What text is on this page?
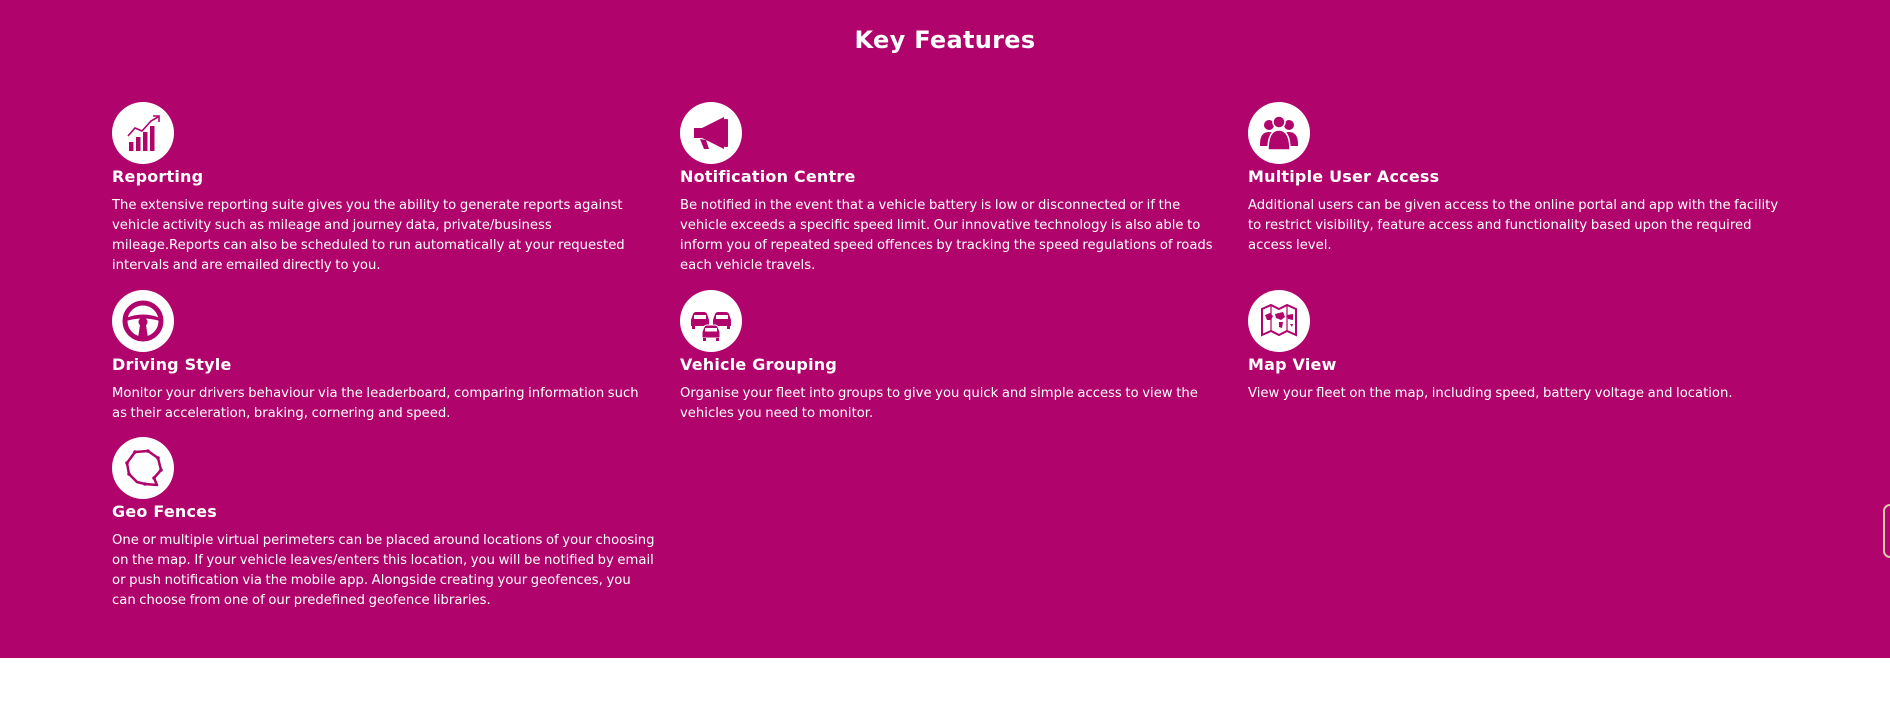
Key Features
Reporting

The extensive reporting suite gives you the ability to generate reports against vehicle activity such as mileage and journey data, private/business mileage.Reports can also be scheduled to run automatically at your requested intervals and are emailed directly to you.

Notification Centre

Be notified in the event that a vehicle battery is low or disconnected or if the vehicle exceeds a specific speed limit. Our innovative technology is also able to inform you of repeated speed offences by tracking the speed regulations of roads each vehicle travels.

Multiple User Access

Additional users can be given access to the online portal and app with the facility to restrict visibility, feature access and functionality based upon the required access level.

Driving Style

Monitor your drivers behaviour via the leaderboard, comparing information such as their acceleration, braking, cornering and speed.

Vehicle Grouping

Organise your fleet into groups to give you quick and simple access to view the vehicles you need to monitor.

Map View

View your fleet on the map, including speed, battery voltage and location.

Geo Fences

One or multiple virtual perimeters can be placed around locations of your choosing on the map. If your vehicle leaves/enters this location, you will be notified by email or push notification via the mobile app. Alongside creating your geofences, you can choose from one of our predefined geofence libraries.
